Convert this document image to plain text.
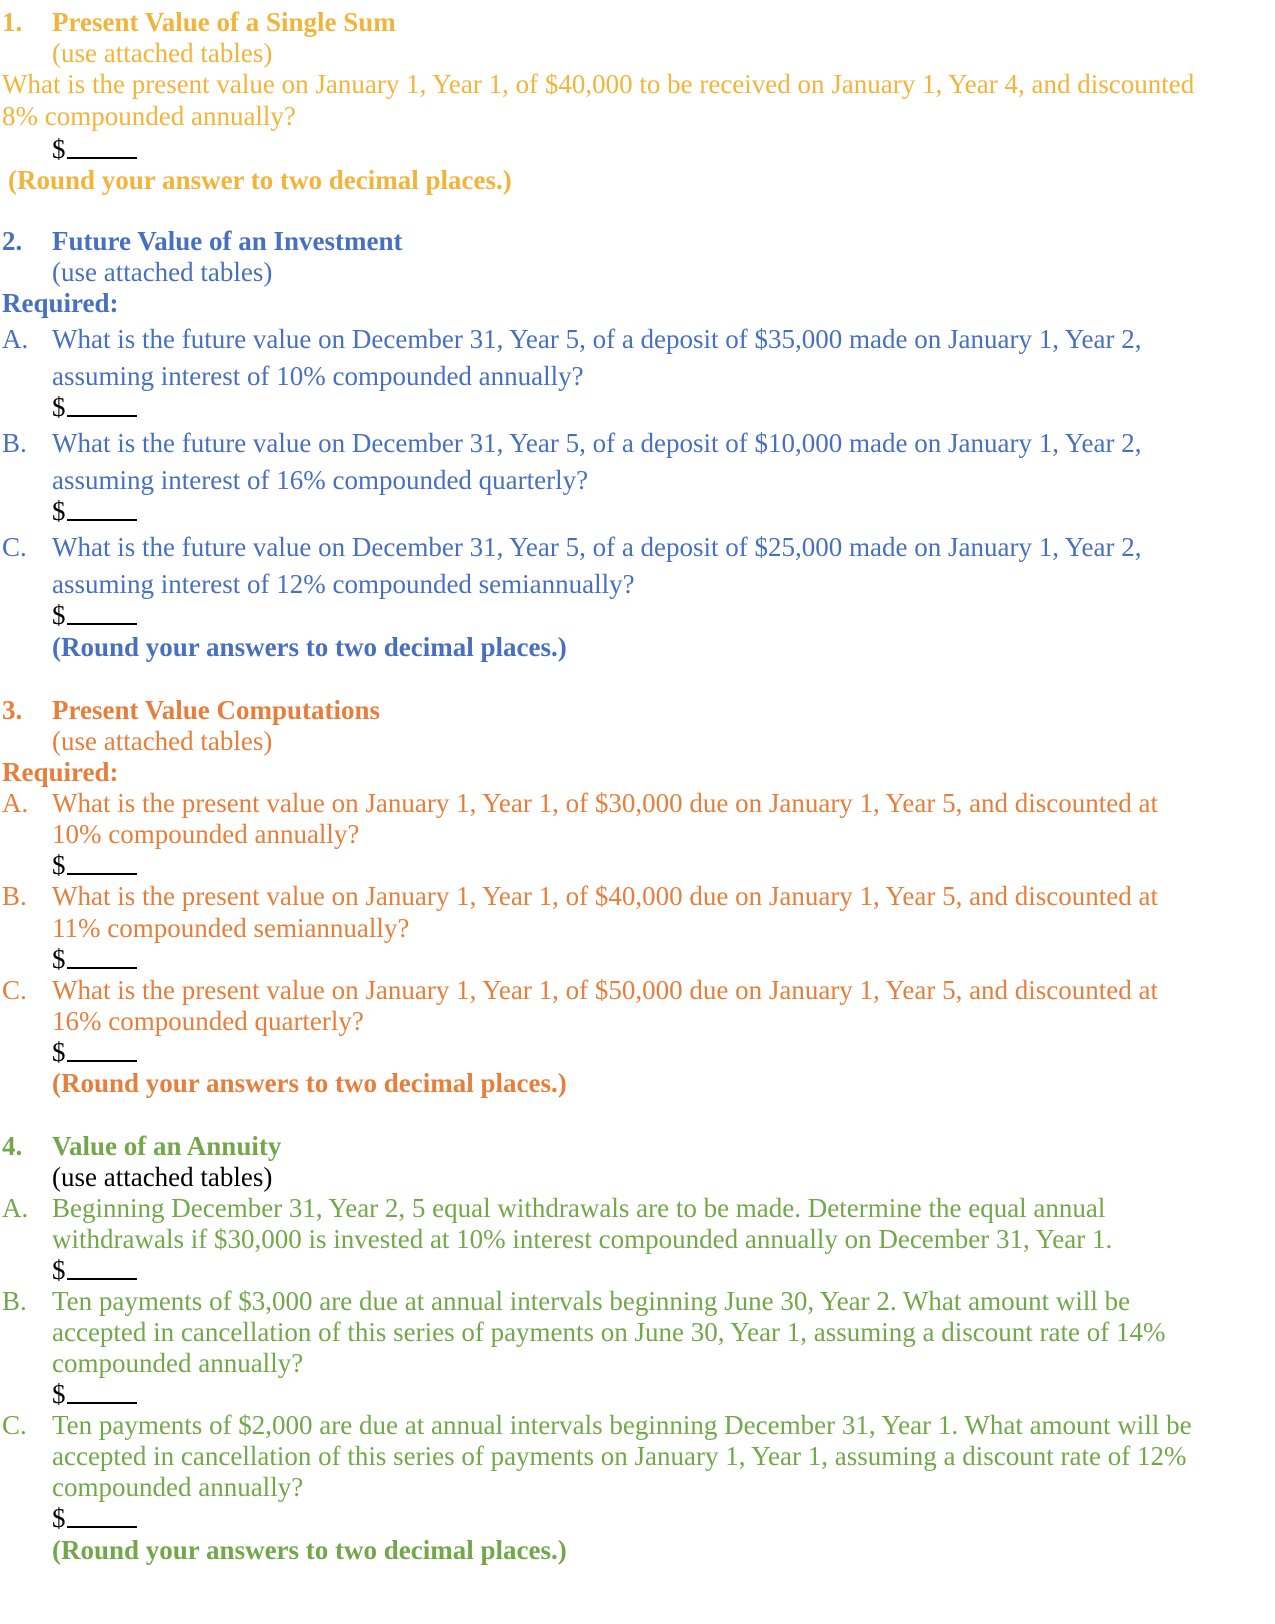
1. Present Value of a Single Sum
(use attached tables)
What is the present value on January 1, Year 1, of $40,000 to be received on January 1, Year 4, and discounted
8% compounded annually?
$
(Round your answer to two decimal places.)
2. Future Value of an Investment
(use attached tables)
Required:
A. What is the future value on December 31, Year 5, of a deposit of $35,000 made on January 1, Year 2,
assuming interest of 10% compounded annually?
$
B. What is the future value on December 31, Year 5, of a deposit of $10,000 made on January 1, Year 2,
assuming interest of 16% compounded quarterly?
$
C. What is the future value on December 31, Year 5, of a deposit of $25,000 made on January 1, Year 2,
assuming interest of 12% compounded semiannually?
$
(Round your answers to two decimal places.)
3. Present Value Computations
(use attached tables)
Required:
A. What is the present value on January 1, Year 1, of $30,000 due on January 1, Year 5, and discounted at
10% compounded annually?
$
B. What is the present value on January 1, Year 1, of $40,000 due on January 1, Year 5, and discounted at
11% compounded semiannually?
$
C. What is the present value on January 1, Year 1, of $50,000 due on January 1, Year 5, and discounted at
16% compounded quarterly?
$
(Round your answers to two decimal places.)
4. Value of an Annuity
(use attached tables)
A. Beginning December 31, Year 2, 5 equal withdrawals are to be made. Determine the equal annual
withdrawals if $30,000 is invested at 10% interest compounded annually on December 31, Year 1.
$
B. Ten payments of $3,000 are due at annual intervals beginning June 30, Year 2. What amount will be
accepted in cancellation of this series of payments on June 30, Year 1, assuming a discount rate of 14%
compounded annually?
$
C. Ten payments of $2,000 are due at annual intervals beginning December 31, Year 1. What amount will be
accepted in cancellation of this series of payments on January 1, Year 1, assuming a discount rate of 12%
compounded annually?
$
(Round your answers to two decimal places.)
